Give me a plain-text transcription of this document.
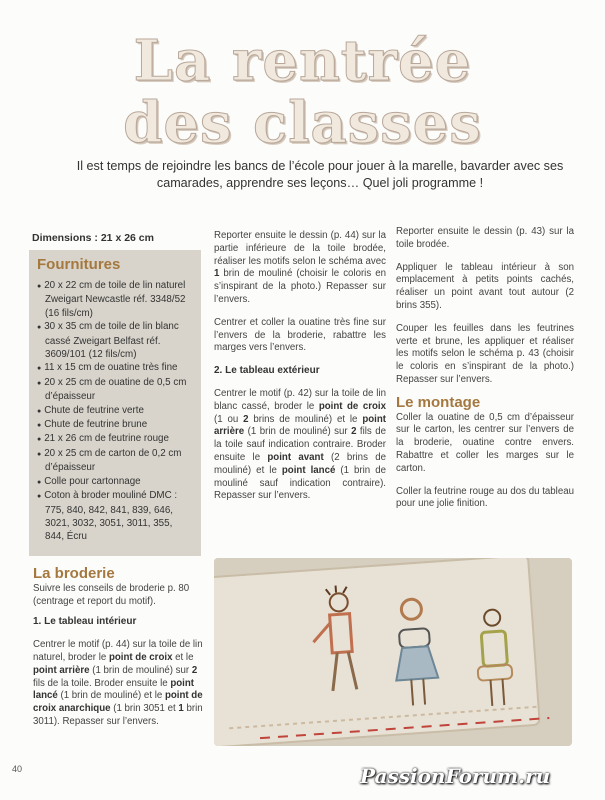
La rentrée
des classes
Il est temps de rejoindre les bancs de l’école pour jouer à la marelle, bavarder avec ses camarades, apprendre ses leçons… Quel joli programme !
Dimensions : 21 x 26 cm
Fournitures
● 20 x 22 cm de toile de lin naturel Zweigart Newcastle réf. 3348/52 (16 fils/cm)
● 30 x 35 cm de toile de lin blanc cassé Zweigart Belfast réf. 3609/101 (12 fils/cm)
● 11 x 15 cm de ouatine très fine
● 20 x 25 cm de ouatine de 0,5 cm d’épaisseur
● Chute de feutrine verte
● Chute de feutrine brune
● 21 x 26 cm de feutrine rouge
● 20 x 25 cm de carton de 0,2 cm d’épaisseur
● Colle pour cartonnage
● Coton à broder mouliné DMC : 775, 840, 842, 841, 839, 646, 3021, 3032, 3051, 3011, 355, 844, Écru
La broderie

Suivre les conseils de broderie p. 80 (centrage et report du motif).

1. Le tableau intérieur

Centrer le motif (p. 44) sur la toile de lin naturel, broder le point de croix et le point arrière (1 brin de mouliné) sur 2 fils de la toile. Broder ensuite le point lancé (1 brin de mouliné) et le point de croix anarchique (1 brin 3051 et 1 brin 3011). Repasser sur l’envers.

Reporter ensuite le dessin (p. 44) sur la partie inférieure de la toile brodée, réaliser les motifs selon le schéma avec 1 brin de mouliné (choisir le coloris en s’inspirant de la photo.) Repasser sur l’envers.

Centrer et coller la ouatine très fine sur l’envers de la broderie, rabattre les marges vers l’envers.

2. Le tableau extérieur

Centrer le motif (p. 42) sur la toile de lin blanc cassé, broder le point de croix (1 ou 2 brins de mouliné) et le point arrière (1 brin de mouliné) sur 2 fils de la toile sauf indication contraire. Broder ensuite le point avant (2 brins de mouliné) et le point lancé (1 brin de mouliné sauf indication contraire). Repasser sur l’envers.

Reporter ensuite le dessin (p. 43) sur la toile brodée.

Appliquer le tableau intérieur à son emplacement à petits points cachés, réaliser un point avant tout autour (2 brins 355).

Couper les feuilles dans les feutrines verte et brune, les appliquer et réaliser les motifs selon le schéma p. 43 (choisir le coloris en s’inspirant de la photo.) Repasser sur l’envers.

Le montage

Coller la ouatine de 0,5 cm d’épaisseur sur le carton, les centrer sur l’envers de la broderie, ouatine contre envers. Rabattre et coller les marges sur le carton.

Coller la feutrine rouge au dos du tableau pour une jolie finition.

40	PassionForum.ru
